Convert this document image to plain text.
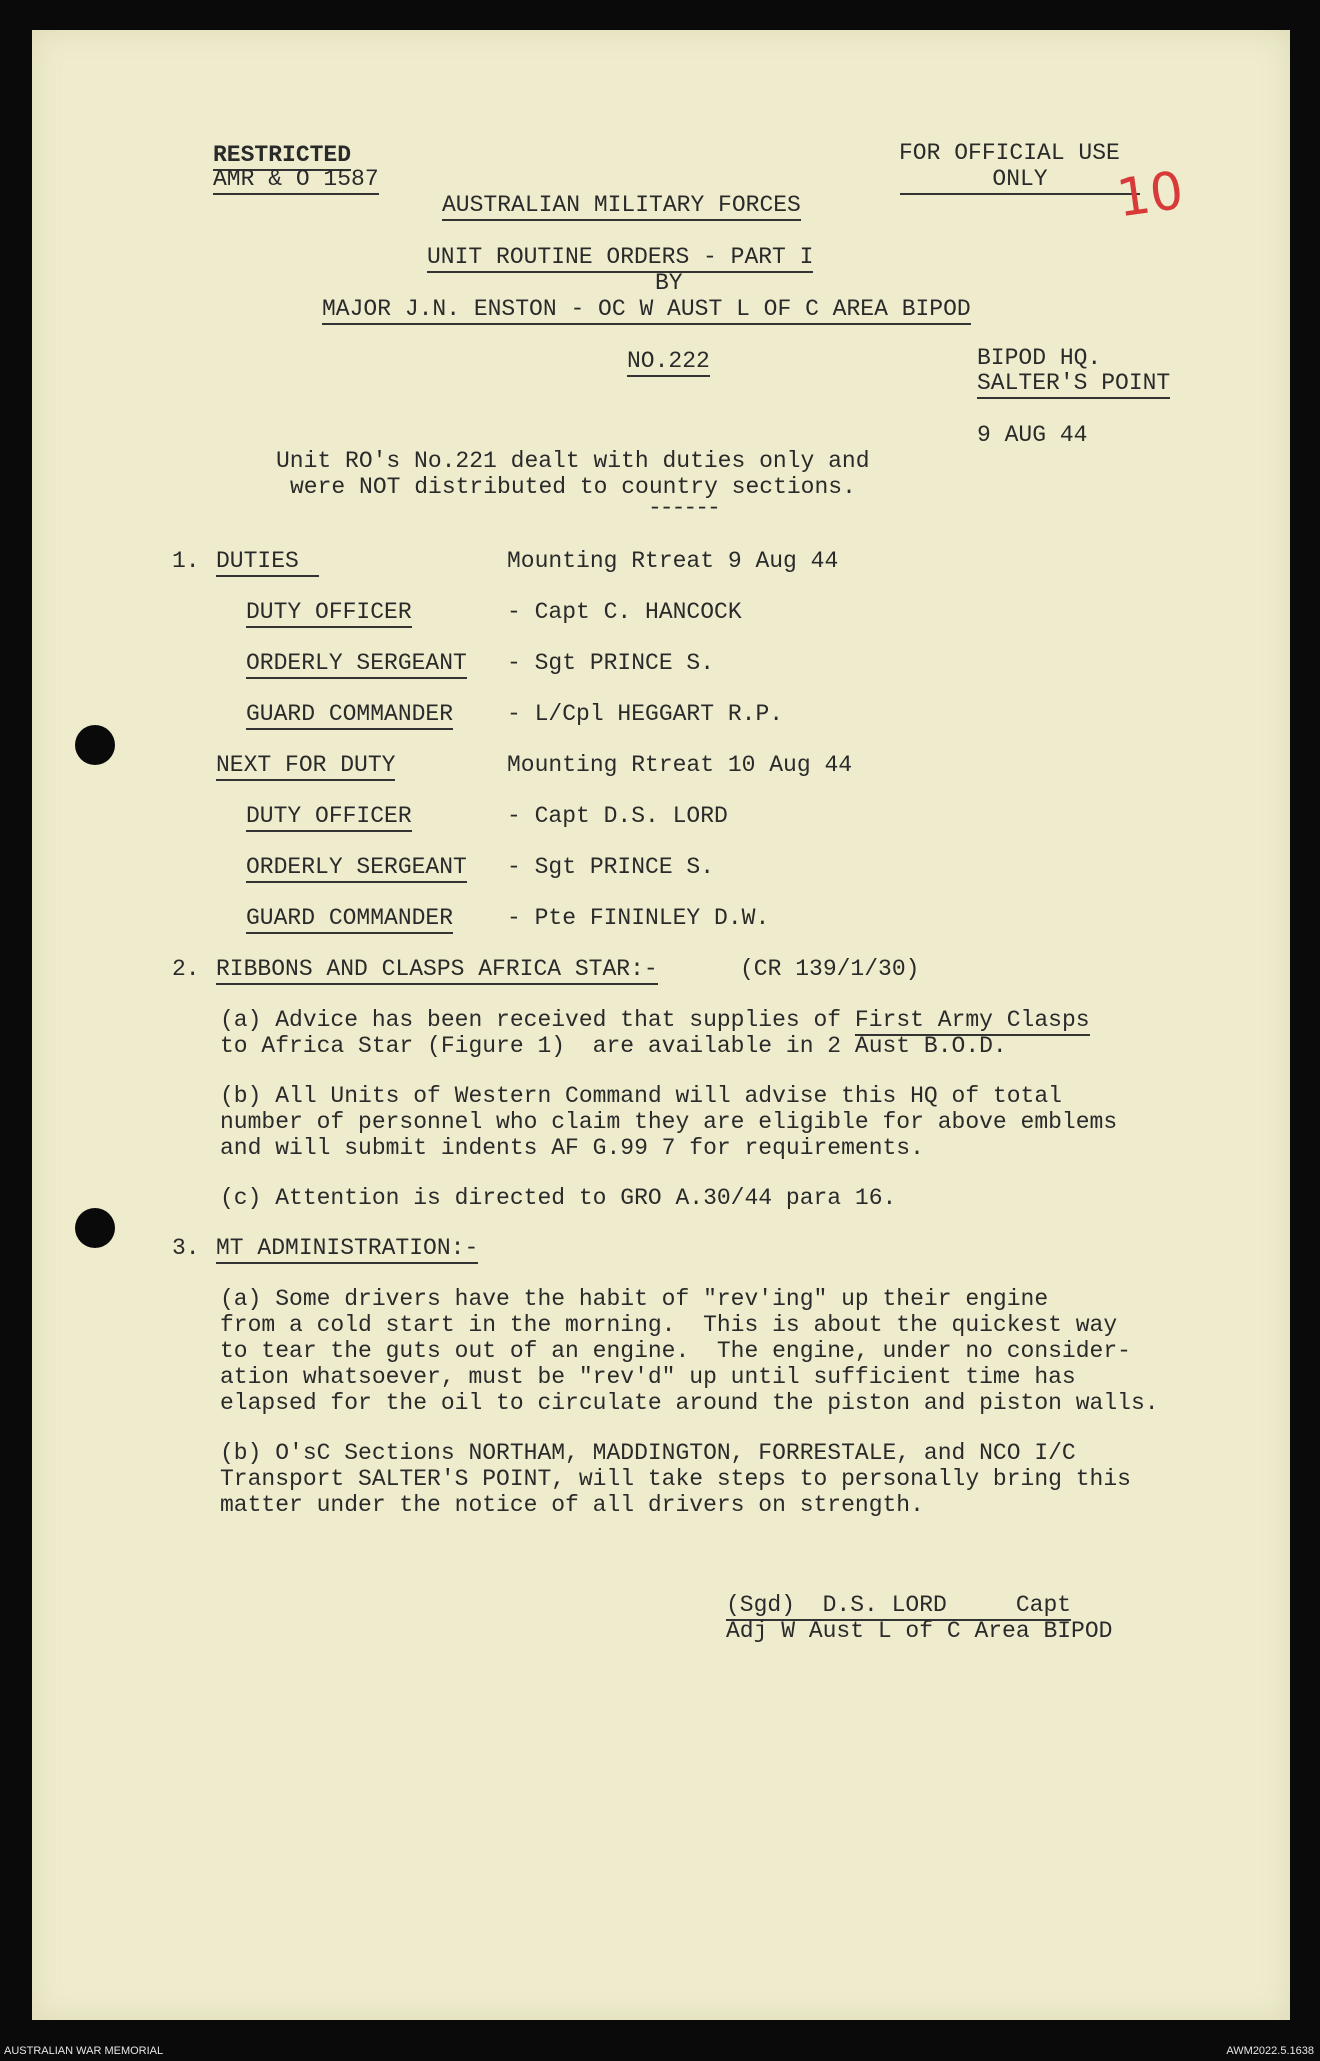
RESTRICTED
AMR & O 1587
FOR OFFICIAL USE
ONLY	10
AUSTRALIAN MILITARY FORCES
UNIT ROUTINE ORDERS - PART I
BY
MAJOR J.N. ENSTON - OC W AUST L OF C AREA BIPOD
NO.222	BIPOD HQ.
SALTER'S POINT
9 AUG 44
Unit RO's No.221 dealt with duties only and
were NOT distributed to country sections.
------
1. DUTIES	Mounting Rtreat 9 Aug 44
DUTY OFFICER	- Capt C. HANCOCK
ORDERLY SERGEANT - Sgt PRINCE S.
GUARD COMMANDER - L/Cpl HEGGART R.P.
NEXT FOR DUTY	Mounting Rtreat 10 Aug 44
DUTY OFFICER	- Capt D.S. LORD
ORDERLY SERGEANT - Sgt PRINCE S.
GUARD COMMANDER - Pte FININLEY D.W.
2. RIBBONS AND CLASPS AFRICA STAR:-	(CR 139/1/30)
(a) Advice has been received that supplies of First Army Clasps
to Africa Star (Figure 1)  are available in 2 Aust B.O.D.
(b) All Units of Western Command will advise this HQ of total
number of personnel who claim they are eligible for above emblems
and will submit indents AF G.99 7 for requirements.
(c) Attention is directed to GRO A.30/44 para 16.
3. MT ADMINISTRATION:-
(a) Some drivers have the habit of "rev'ing" up their engine
from a cold start in the morning.  This is about the quickest way
to tear the guts out of an engine.  The engine, under no consider-
ation whatsoever, must be "rev'd" up until sufficient time has
elapsed for the oil to circulate around the piston and piston walls.
(b) O'sC Sections NORTHAM, MADDINGTON, FORRESTALE, and NCO I/C
Transport SALTER'S POINT, will take steps to personally bring this
matter under the notice of all drivers on strength.
(Sgd)  D.S. LORD     Capt
Adj W Aust L of C Area BIPOD
AUSTRALIAN WAR MEMORIAL	AWM2022.5.1638
